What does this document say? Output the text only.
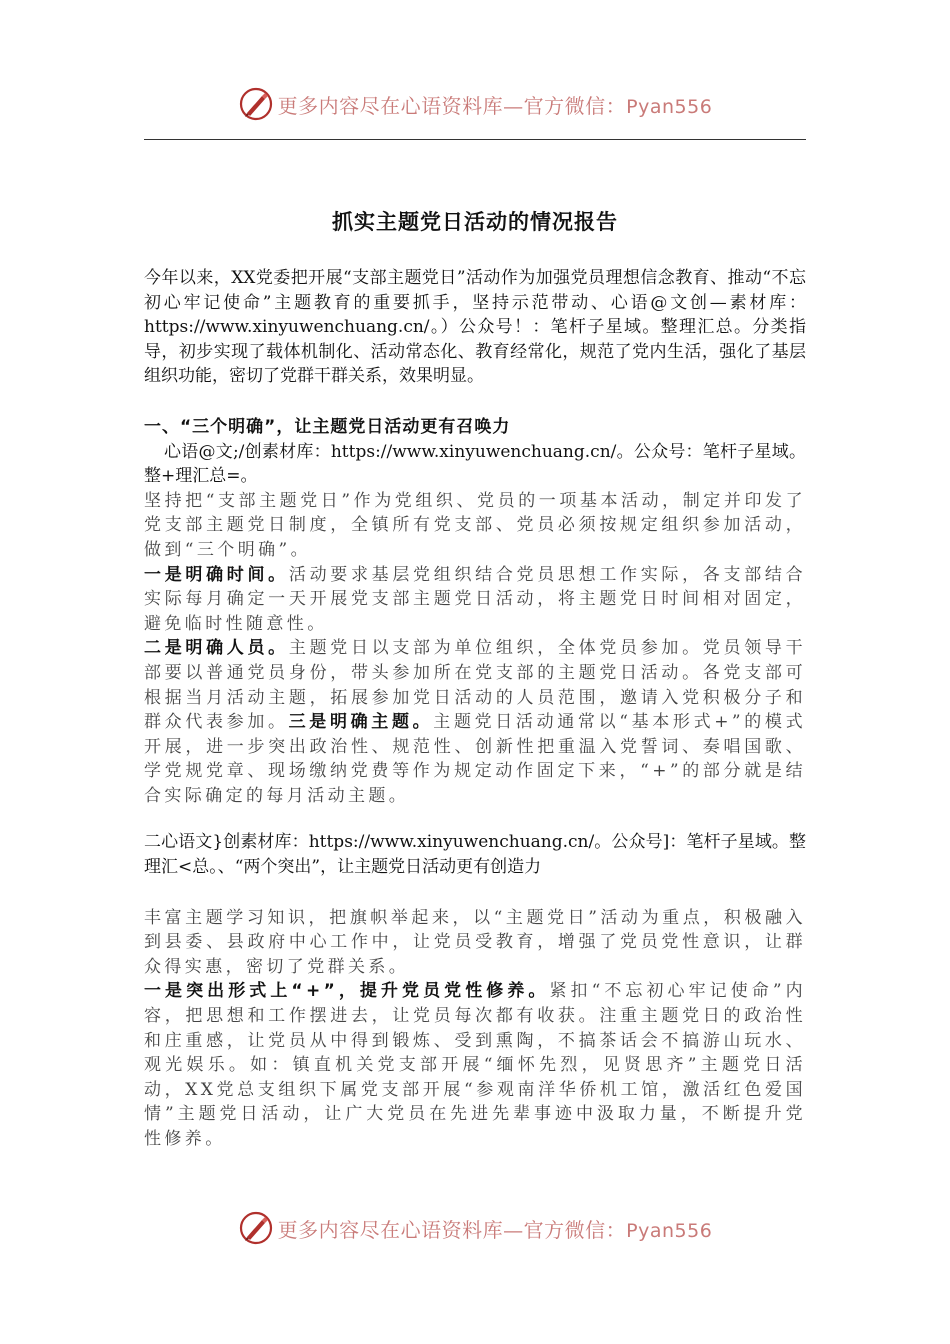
更多内容尽在心语资料库—官方微信：Pyan556
抓实主题党日活动的情况报告

今年以来，XX党委把开展“支部主题党日”活动作为加强党员理想信念教育、推动“不忘初心牢记使命”主题教育的重要抓手，坚持示范带动、心语@文创—素材库：https://www.xinyuwenchuang.cn/。）公众号！：笔杆子星域。整理汇总。分类指导，初步实现了载体机制化、活动常态化、教育经常化，规范了党内生活，强化了基层组织功能，密切了党群干群关系，效果明显。

一、“三个明确”，让主题党日活动更有召唤力

心语@文;/创素材库：https://www.xinyuwenchuang.cn/。公众号：笔杆子星域。整+理汇总=。

坚持把“支部主题党日”作为党组织、党员的一项基本活动，制定并印发了党支部主题党日制度，全镇所有党支部、党员必须按规定组织参加活动，做到“三个明确”。

一是明确时间。活动要求基层党组织结合党员思想工作实际，各支部结合实际每月确定一天开展党支部主题党日活动，将主题党日时间相对固定，避免临时性随意性。

二是明确人员。主题党日以支部为单位组织，全体党员参加。党员领导干部要以普通党员身份，带头参加所在党支部的主题党日活动。各党支部可根据当月活动主题，拓展参加党日活动的人员范围，邀请入党积极分子和群众代表参加。三是明确主题。主题党日活动通常以“基本形式+”的模式开展，进一步突出政治性、规范性、创新性把重温入党誓词、奏唱国歌、学党规党章、现场缴纳党费等作为规定动作固定下来，“+”的部分就是结合实际确定的每月活动主题。

二心语文}创素材库：https://www.xinyuwenchuang.cn/。公众号]：笔杆子星域。整理汇<总。、“两个突出”，让主题党日活动更有创造力

丰富主题学习知识，把旗帜举起来，以“主题党日”活动为重点，积极融入到县委、县政府中心工作中，让党员受教育，增强了党员党性意识，让群众得实惠，密切了党群关系。

一是突出形式上“+”，提升党员党性修养。紧扣“不忘初心牢记使命”内容，把思想和工作摆进去，让党员每次都有收获。注重主题党日的政治性和庄重感，让党员从中得到锻炼、受到熏陶，不搞茶话会不搞游山玩水、观光娱乐。如：镇直机关党支部开展“缅怀先烈，见贤思齐”主题党日活动，XX党总支组织下属党支部开展“参观南洋华侨机工馆，激活红色爱国情”主题党日活动，让广大党员在先进先辈事迹中汲取力量，不断提升党性修养。

更多内容尽在心语资料库—官方微信：Pyan556
